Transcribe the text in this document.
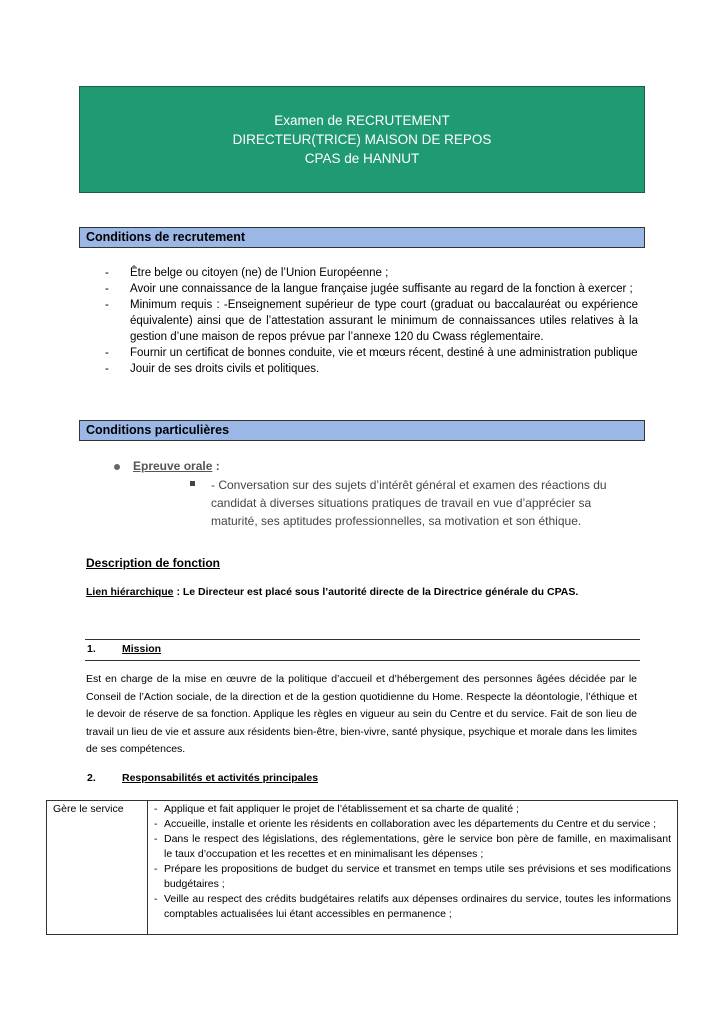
Examen de RECRUTEMENT
DIRECTEUR(TRICE) MAISON DE REPOS
CPAS de HANNUT
Conditions de recrutement
- Être belge ou citoyen (ne) de l’Union Européenne ;
- Avoir une connaissance de la langue française jugée suffisante au regard de la fonction à exercer ;
- Minimum requis : -Enseignement supérieur de type court (graduat ou baccalauréat ou expérience équivalente) ainsi que de l’attestation assurant le minimum de connaissances utiles relatives à la gestion d’une maison de repos prévue par l’annexe 120 du Cwass réglementaire.
- Fournir un certificat de bonnes conduite, vie et mœurs récent, destiné à une administration publique
- Jouir de ses droits civils et politiques.
Conditions particulières
Epreuve orale :
- Conversation sur des sujets d’intérêt général et examen des réactions du candidat à diverses situations pratiques de travail en vue d’apprécier sa maturité, ses aptitudes professionnelles, sa motivation et son éthique.
Description de fonction
Lien hiérarchique : Le Directeur est placé sous l’autorité directe de la Directrice générale du CPAS.
1. Mission
Est en charge de la mise en œuvre de la politique d’accueil et d’hébergement des personnes âgées décidée par le Conseil de l’Action sociale, de la direction et de la gestion quotidienne du Home. Respecte la déontologie, l’éthique et le devoir de réserve de sa fonction. Applique les règles en vigueur au sein du Centre et du service. Fait de son lieu de travail un lieu de vie et assure aux résidents bien-être, bien-vivre, santé physique, psychique et morale dans les limites de ses compétences.
2. Responsabilités et activités principales
Gère le service	
-Applique et fait appliquer le projet de l’établissement et sa charte de qualité ;
- Accueille, installe et oriente les résidents en collaboration avec les départements du Centre et du service ;
- Dans le respect des législations, des réglementations, gère le service bon père de famille, en maximalisant le taux d’occupation et les recettes et en minimalisant les dépenses ;
- Prépare les propositions de budget du service et transmet en temps utile ses prévisions et ses modifications budgétaires ;
- Veille au respect des crédits budgétaires relatifs aux dépenses ordinaires du service, toutes les informations comptables actualisées lui étant accessibles en permanence ;
